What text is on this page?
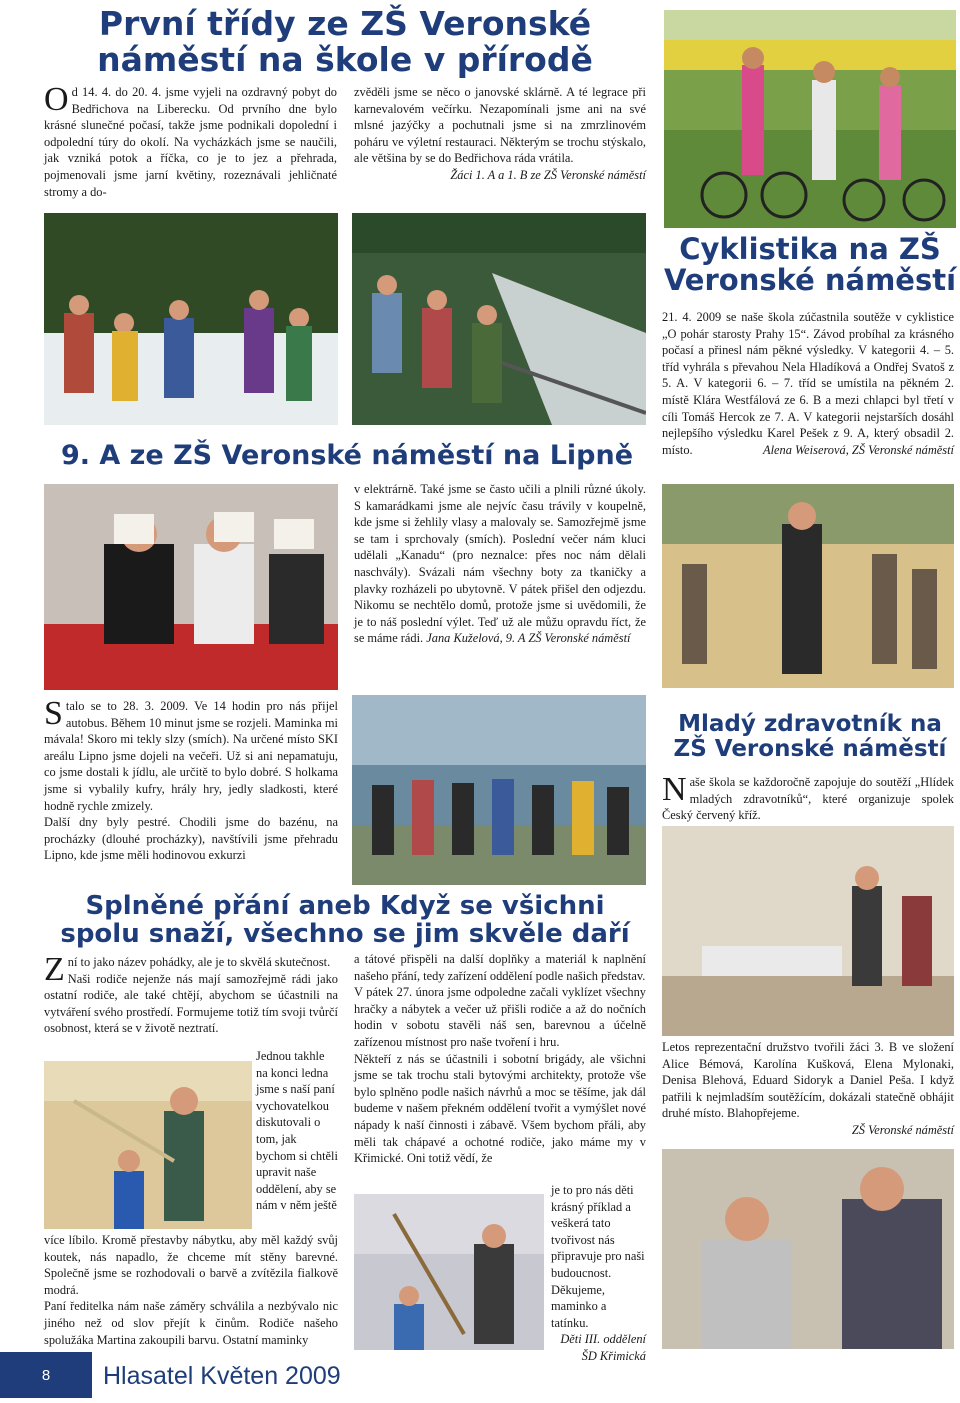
První třídy ze ZŠ Veronské
náměstí na škole v přírodě
Od 14. 4. do 20. 4. jsme vyjeli na ozdravný pobyt do Bedřichova na Liberecku. Od prvního dne bylo krásné slunečné počasí, takže jsme podnikali dopolední i odpolední túry do okolí. Na vycházkách jsme se naučili, jak vzniká potok a říčka, co je to jez a přehrada, pojmenovali jsme jarní květiny, rozeznávali jehličnaté stromy a do-
zvěděli jsme se něco o janovské sklárně. A té legrace při karnevalovém večírku. Nezapomínali jsme ani na své mlsné jazýčky a pochutnali jsme si na zmrzlinovém poháru ve výletní restauraci. Některým se trochu stýskalo, ale většina by se do Bedřichova ráda vrátila.
Žáci 1. A a 1. B ze ZŠ Veronské náměstí
Cyklistika na ZŠ
Veronské náměstí
21. 4. 2009 se naše škola zúčastnila soutěže v cyklistice „O pohár starosty Prahy 15“. Závod probíhal za krásného počasí a přinesl nám pěkné výsledky. V kategorii 4. – 5. tříd vyhrála s převahou Nela Hladíková a Ondřej Svatoš z 5. A. V kategorii 6. – 7. tříd se umístila na pěkném 2. místě Klára Westfálová ze 6. B a mezi chlapci byl třetí v cíli Tomáš Hercok ze 7. A. V kategorii nejstarších dosáhl nejlepšího výsledku Karel Pešek z 9. A, který obsadil 2. místo.	Alena Weiserová, ZŠ Veronské náměstí
9. A ze ZŠ Veronské náměstí na Lipně
v elektrárně. Také jsme se často učili a plnili různé úkoly. S kamarádkami jsme ale nejvíc času trávily v koupelně, kde jsme si žehlily vlasy a malovaly se. Samozřejmě jsme se tam i sprchovaly (smích). Poslední večer nám kluci udělali „Kanadu“ (pro neznalce: přes noc nám dělali naschvály). Svázali nám všechny boty za tkaničky a plavky rozházeli po ubytovně. V pátek přišel den odjezdu. Nikomu se nechtělo domů, protože jsme si uvědomili, že je to náš poslední výlet. Teď už ale můžu opravdu říct, že se máme rádi. Jana Kuželová, 9. A ZŠ Veronské náměstí
Stalo se to 28. 3. 2009. Ve 14 hodin pro nás přijel autobus. Během 10 minut jsme se rozjeli. Maminka mi mávala! Skoro mi tekly slzy (smích). Na určené místo SKI areálu Lipno jsme dojeli na večeři. Už si ani nepamatuju, co jsme dostali k jídlu, ale určitě to bylo dobré. S holkama jsme si vybalily kufry, hrály hry, jedly sladkosti, které hodně rychle zmizely.
Další dny byly pestré. Chodili jsme do bazénu, na procházky (dlouhé procházky), navštívili jsme přehradu Lipno, kde jsme měli hodinovou exkurzi
Mladý zdravotník na
ZŠ Veronské náměstí
Naše škola se každoročně zapojuje do soutěží „Hlídek mladých zdravotníků“, které organizuje spolek Český červený kříž.
Letos reprezentační družstvo tvořili žáci 3. B ve složení Alice Bémová, Karolína Kušková, Elena Mylonaki, Denisa Blehová, Eduard Sidoryk a Daniel Peša. I když patřili k nejmladším soutěžícím, dokázali statečně obhájit druhé místo. Blahopřejeme.
ZŠ Veronské náměstí
Splněné přání aneb Když se všichni
spolu snaží, všechno se jim skvěle daří
Zní to jako název pohádky, ale je to skvělá skutečnost.
Naši rodiče nejenže nás mají samozřejmě rádi jako ostatní rodiče, ale také chtějí, abychom se účastnili na vytváření svého prostředí. Formujeme totiž tím svoji tvůrčí osobnost, která se v životě neztratí.
Jednou takhle na konci ledna jsme s naší paní vychovatelkou diskutovali o tom, jak bychom si chtěli upravit naše oddělení, aby se nám v něm ještě
více líbilo. Kromě přestavby nábytku, aby měl každý svůj koutek, nás napadlo, že chceme mít stěny barevné. Společně jsme se rozhodovali o barvě a zvítězila fialkově modrá.
Paní ředitelka nám naše záměry schválila a nezbývalo nic jiného než od slov přejít k činům. Rodiče našeho spolužáka Martina zakoupili barvu. Ostatní maminky
a tátové přispěli na další doplňky a materiál k naplnění našeho přání, tedy zařízení oddělení podle našich představ.
V pátek 27. února jsme odpoledne začali vyklízet všechny hračky a nábytek a večer už přišli rodiče a až do nočních hodin v sobotu stavěli náš sen, barevnou a účelně zařízenou místnost pro naše tvoření i hru.
Někteří z nás se účastnili i sobotní brigády, ale všichni jsme se tak trochu stali bytovými architekty, protože vše bylo splněno podle našich návrhů a moc se těšíme, jak dál budeme v našem překném oddělení tvořit a vymýšlet nové nápady k naší činnosti i zábavě. Všem bychom přáli, aby měli tak chápavé a ochotné rodiče, jako máme my v Křimické. Oni totiž vědí, že
je to pro nás děti krásný příklad a veškerá tato tvořivost nás připravuje pro naši budoucnost. Děkujeme, maminko a tatínku.
Děti III. oddělení
ŠD Křimická
8	Hlasatel Květen 2009
